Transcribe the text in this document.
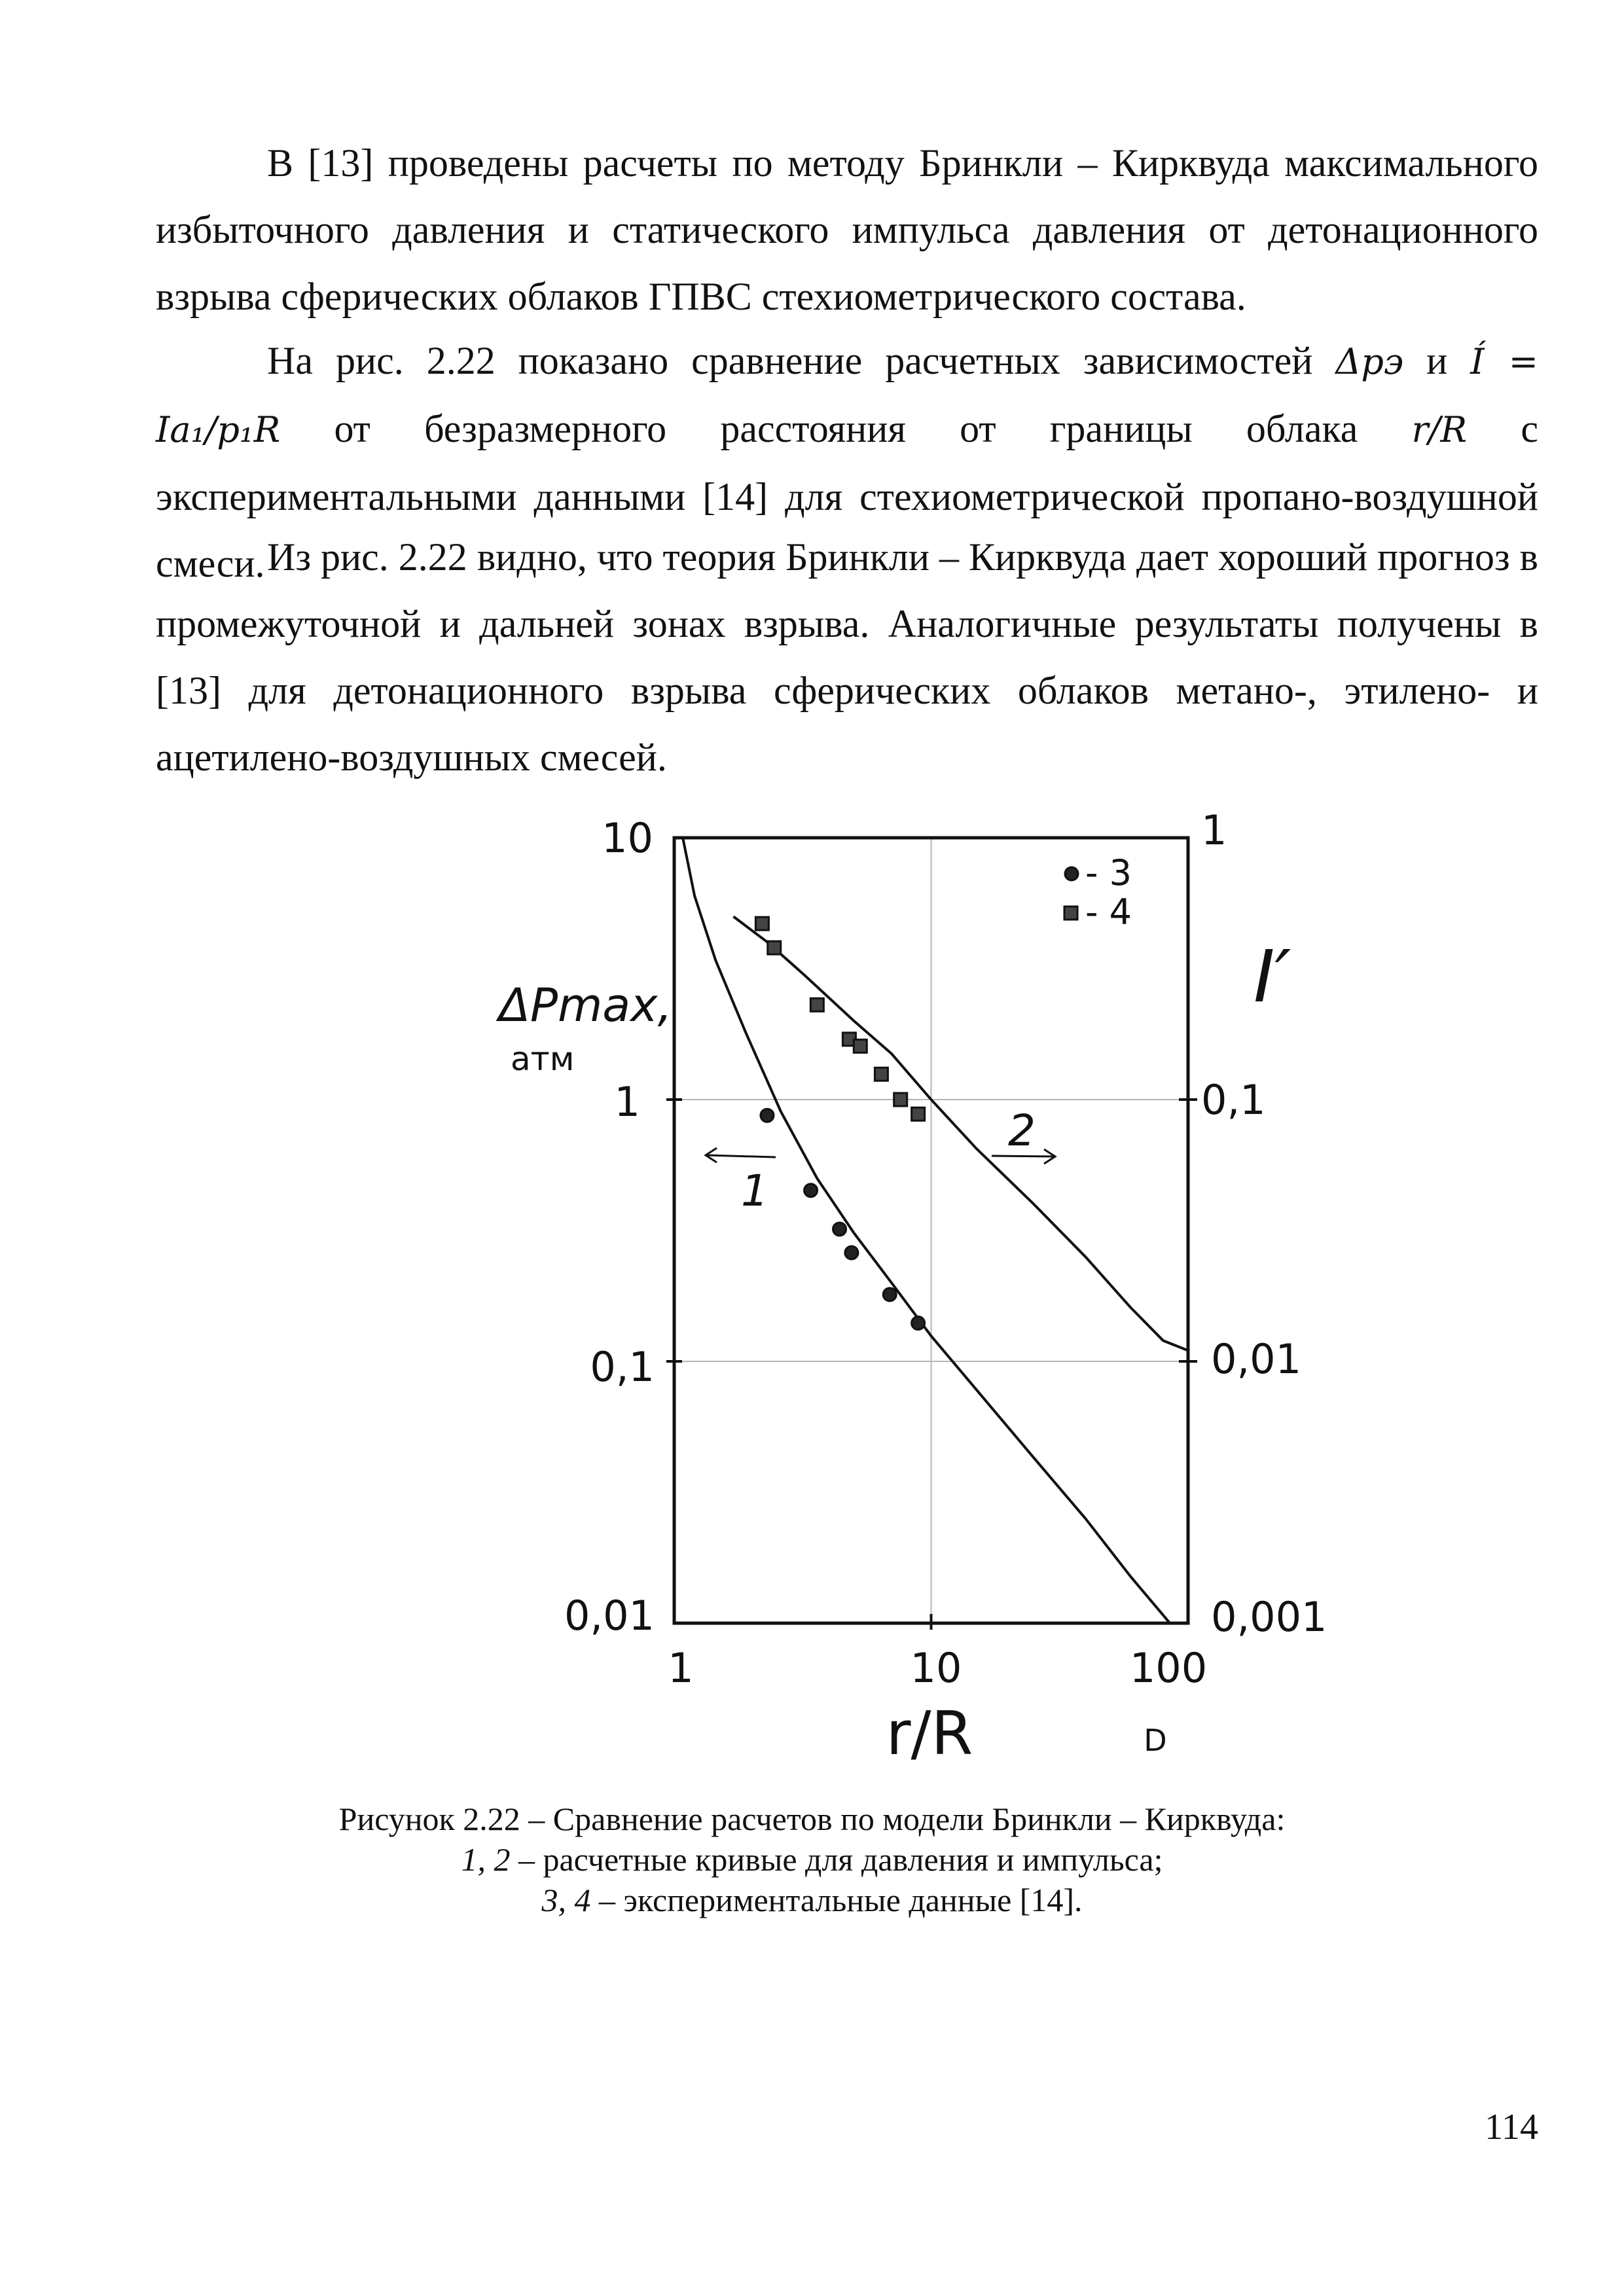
В [13] проведены расчеты по методу Бринкли – Кирквуда максимального избыточного давления и статического импульса давления от детонационного взрыва сферических облаков ГПВС стехиометрического состава.

На рис. 2.22 показано сравнение расчетных зависимостей Δpэ и Í = Ia₁/p₁R от безразмерного расстояния от границы облака r/R с экспериментальными данными [14] для стехиометрической пропано-воздушной смеси. Из рис. 2.22 видно, что теория Бринкли – Кирквуда дает хороший прогноз в промежуточной и дальней зонах взрыва. Аналогичные результаты получены в [13] для детонационного взрыва сферических облаков метано-, этилено- и ацетилено-воздушных смесей.

10
1
0,1
0,01
1
0,1
0,01
0,001
1	10	100
r/R	D
ΔPmax,
атм
I′
- 3
- 4
1
2
Рисунок 2.22 – Сравнение расчетов по модели Бринкли – Кирквуда:
1, 2 – расчетные кривые для давления и импульса;
3, 4 – экспериментальные данные [14].
114
